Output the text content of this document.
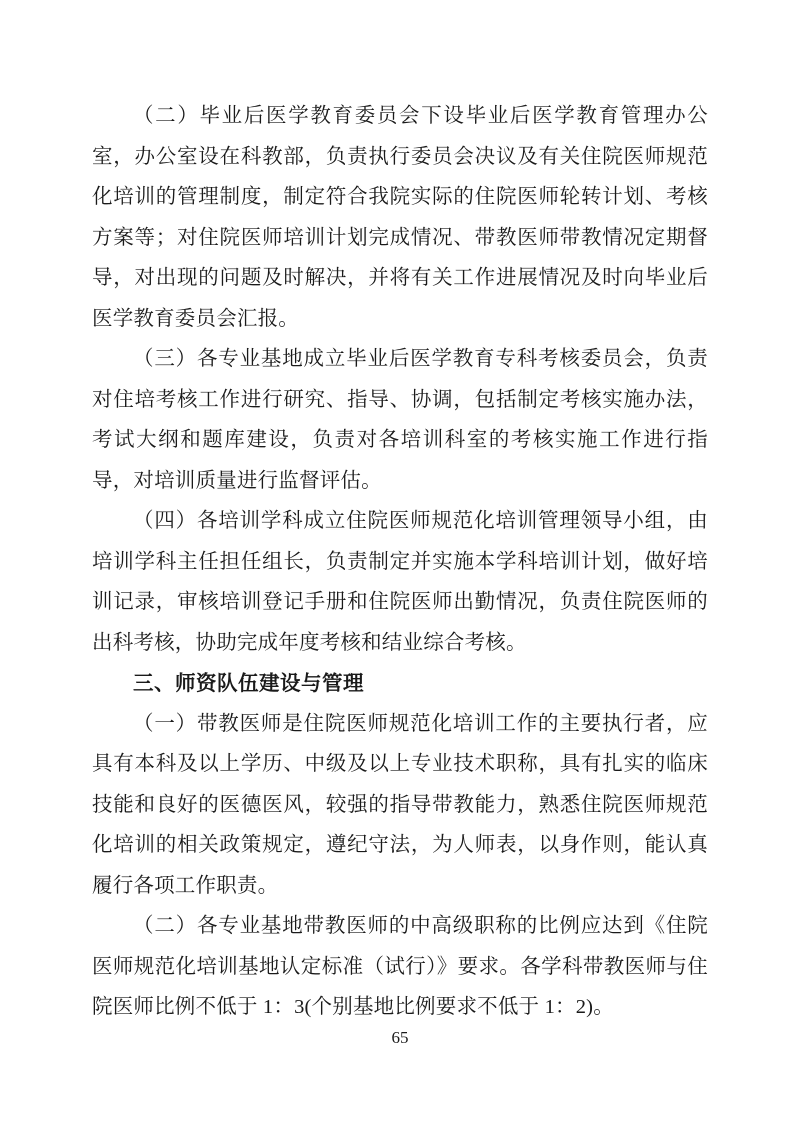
（二）毕业后医学教育委员会下设毕业后医学教育管理办公室，办公室设在科教部，负责执行委员会决议及有关住院医师规范化培训的管理制度，制定符合我院实际的住院医师轮转计划、考核方案等；对住院医师培训计划完成情况、带教医师带教情况定期督导，对出现的问题及时解决，并将有关工作进展情况及时向毕业后医学教育委员会汇报。

（三）各专业基地成立毕业后医学教育专科考核委员会，负责对住培考核工作进行研究、指导、协调，包括制定考核实施办法，考试大纲和题库建设，负责对各培训科室的考核实施工作进行指导，对培训质量进行监督评估。

（四）各培训学科成立住院医师规范化培训管理领导小组，由培训学科主任担任组长，负责制定并实施本学科培训计划，做好培训记录，审核培训登记手册和住院医师出勤情况，负责住院医师的出科考核，协助完成年度考核和结业综合考核。

三、师资队伍建设与管理

（一）带教医师是住院医师规范化培训工作的主要执行者，应具有本科及以上学历、中级及以上专业技术职称，具有扎实的临床技能和良好的医德医风，较强的指导带教能力，熟悉住院医师规范化培训的相关政策规定，遵纪守法，为人师表，以身作则，能认真履行各项工作职责。

（二）各专业基地带教医师的中高级职称的比例应达到《住院医师规范化培训基地认定标准（试行）》要求。各学科带教医师与住院医师比例不低于 1：3(个别基地比例要求不低于 1：2)。

65
